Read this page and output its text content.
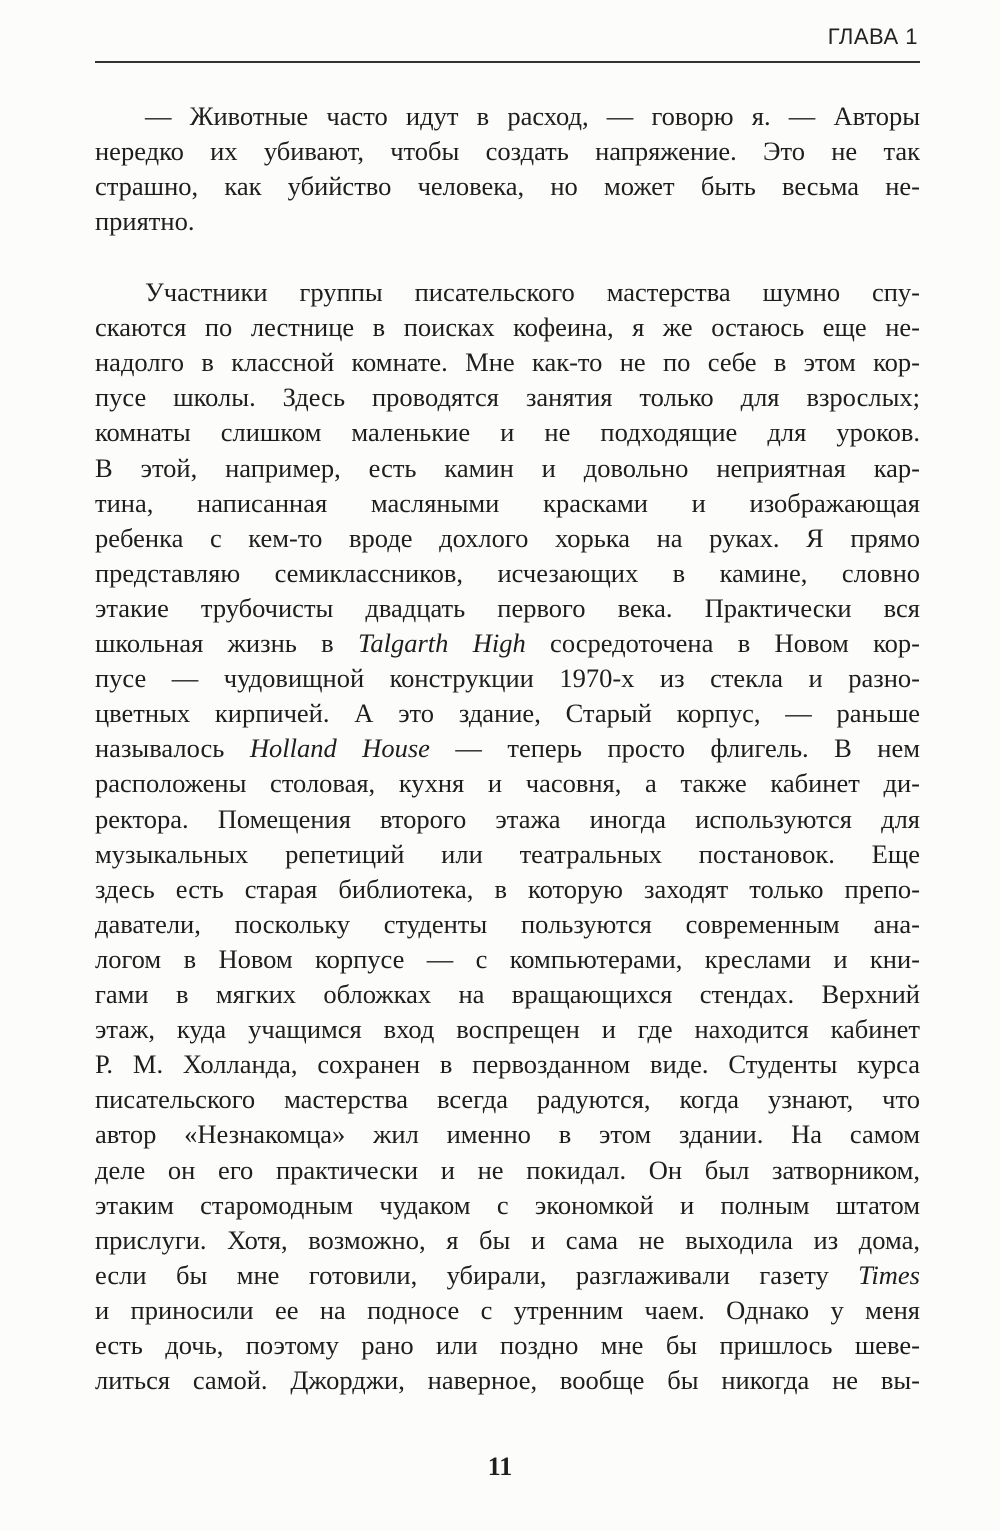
ГЛАВА 1
— Животные часто идут в расход, — говорю я. — Авторы
нередко их убивают, чтобы создать напряжение. Это не так
страшно, как убийство человека, но может быть весьма не-
приятно.
Участники группы писательского мастерства шумно спу-
скаются по лестнице в поисках кофеина, я же остаюсь еще не-
надолго в классной комнате. Мне как-то не по себе в этом кор-
пусе школы. Здесь проводятся занятия только для взрослых;
комнаты слишком маленькие и не подходящие для уроков.
В этой, например, есть камин и довольно неприятная кар-
тина, написанная масляными красками и изображающая
ребенка с кем-то вроде дохлого хорька на руках. Я прямо
представляю семиклассников, исчезающих в камине, словно
этакие трубочисты двадцать первого века. Практически вся
школьная жизнь в Talgarth High сосредоточена в Новом кор-
пусе — чудовищной конструкции 1970-х из стекла и разно-
цветных кирпичей. А это здание, Старый корпус, — раньше
называлось Holland House — теперь просто флигель. В нем
расположены столовая, кухня и часовня, а также кабинет ди-
ректора. Помещения второго этажа иногда используются для
музыкальных репетиций или театральных постановок. Еще
здесь есть старая библиотека, в которую заходят только препо-
даватели, поскольку студенты пользуются современным ана-
логом в Новом корпусе — с компьютерами, креслами и кни-
гами в мягких обложках на вращающихся стендах. Верхний
этаж, куда учащимся вход воспрещен и где находится кабинет
Р. М. Холланда, сохранен в первозданном виде. Студенты курса
писательского мастерства всегда радуются, когда узнают, что
автор «Незнакомца» жил именно в этом здании. На самом
деле он его практически и не покидал. Он был затворником,
этаким старомодным чудаком с экономкой и полным штатом
прислуги. Хотя, возможно, я бы и сама не выходила из дома,
если бы мне готовили, убирали, разглаживали газету Times
и приносили ее на подносе с утренним чаем. Однако у меня
есть дочь, поэтому рано или поздно мне бы пришлось шеве-
литься самой. Джорджи, наверное, вообще бы никогда не вы-
11
